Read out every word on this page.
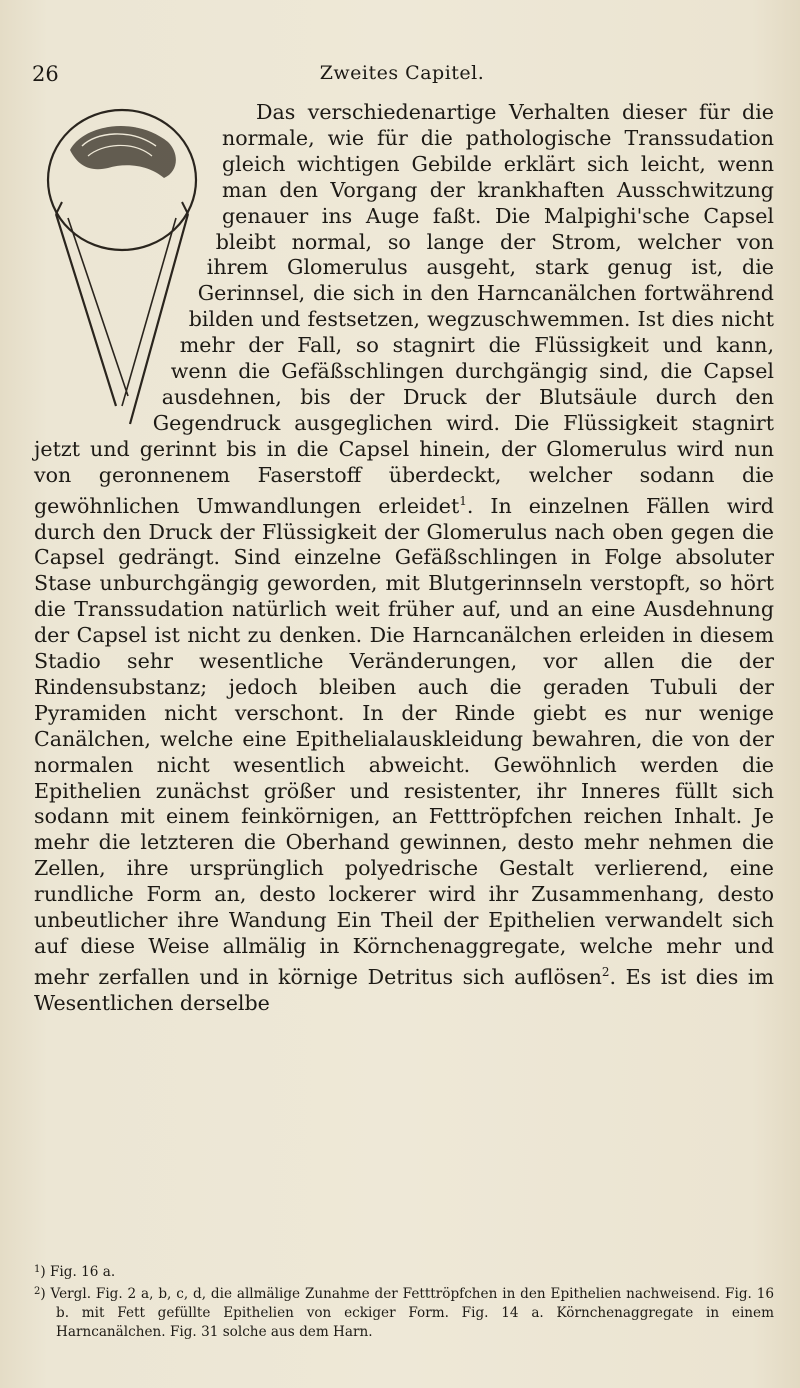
26	Zweites Capitel.

Das verschiedenartige Verhalten dieser für die normale, wie für die pathologische Transsudation gleich wichtigen Gebilde erklärt sich leicht, wenn man den Vorgang der krankhaften Ausschwitzung genauer ins Auge faßt. Die Malpighi'sche Capsel bleibt normal, so lange der Strom, welcher von ihrem Glomerulus ausgeht, stark genug ist, die Gerinnsel, die sich in den Harncanälchen fortwährend bilden und festsetzen, wegzuschwemmen. Ist dies nicht mehr der Fall, so stagnirt die Flüssigkeit und kann, wenn die Gefäßschlingen durchgängig sind, die Capsel ausdehnen, bis der Druck der Blutsäule durch den Gegendruck ausgeglichen wird. Die Flüssigkeit stagnirt jetzt und gerinnt bis in die Capsel hinein, der Glomerulus wird nun von geronnenem Faserstoff überdeckt, welcher sodann die gewöhnlichen Umwandlungen erleidet$^1$. In einzelnen Fällen wird durch den Druck der Flüssigkeit der Glomerulus nach oben gegen die Capsel gedrängt. Sind einzelne Gefäßschlingen in Folge absoluter Stase unburchgängig geworden, mit Blutgerinnseln verstopft, so hört die Transsudation natürlich weit früher auf, und an eine Ausdehnung der Capsel ist nicht zu denken. Die Harncanälchen erleiden in diesem Stadio sehr wesentliche Veränderungen, vor allen die der Rindensubstanz; jedoch bleiben auch die geraden Tubuli der Pyramiden nicht verschont. In der Rinde giebt es nur wenige Canälchen, welche eine Epithelialauskleidung bewahren, die von der normalen nicht wesentlich abweicht. Gewöhnlich werden die Epithelien zunächst größer und resistenter, ihr Inneres füllt sich sodann mit einem feinkörnigen, an Fetttröpfchen reichen Inhalt. Je mehr die letzteren die Oberhand gewinnen, desto mehr nehmen die Zellen, ihre ursprünglich polyedrische Gestalt verlierend, eine rundliche Form an, desto lockerer wird ihr Zusammenhang, desto unbeutlicher ihre Wandung Ein Theil der Epithelien verwandelt sich auf diese Weise allmälig in Körnchenaggregate, welche mehr und mehr zerfallen und in körnige Detritus sich auflösen$^2$. Es ist dies im Wesentlichen derselbe

$^1$) Fig. 16 a.

$^2$) Vergl. Fig. 2 a, b, c, d, die allmälige Zunahme der Fetttröpfchen in den Epithelien nachweisend. Fig. 16 b. mit Fett gefüllte Epithelien von eckiger Form. Fig. 14 a. Körnchenaggregate in einem Harncanälchen. Fig. 31 solche aus dem Harn.
